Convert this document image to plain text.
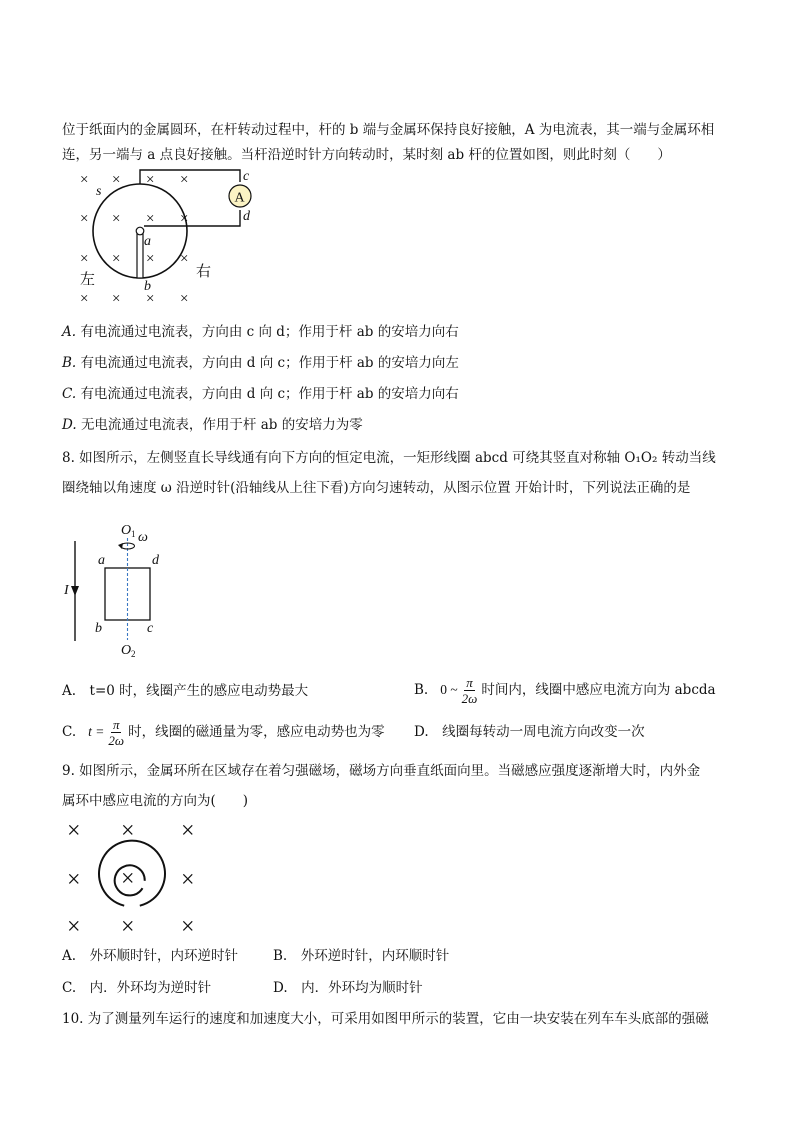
位于纸面内的金属圆环，在杆转动过程中，杆的 b 端与金属环保持良好接触，A 为电流表，其一端与金属环相
连，另一端与 a 点良好接触。当杆沿逆时针方向转动时，某时刻 ab 杆的位置如图，则此时刻（　　）
× × × ×
× × × ×
× × × ×
× × × ×
A
s
c
d
a
b
左	右
A. 有电流通过电流表，方向由 c 向 d；作用于杆 ab 的安培力向右
B. 有电流通过电流表，方向由 d 向 c；作用于杆 ab 的安培力向左
C. 有电流通过电流表，方向由 d 向 c；作用于杆 ab 的安培力向右
D. 无电流通过电流表，作用于杆 ab 的安培力为零
8. 如图所示，左侧竖直长导线通有向下方向的恒定电流，一矩形线圈 abcd 可绕其竖直对称轴 O₁O₂ 转动当线
圈绕轴以角速度 ω 沿逆时针(沿轴线从上往下看)方向匀速转动，从图示位置 开始计时，下列说法正确的是
I
O 1 ω
a	d
b	c
O 2
A.　t=0 时，线圈产生的感应电动势最大	B. 0 ~ $\frac{\pi}{2\omega}$ 时间内，线圈中感应电流方向为 abcda
C. $t = \frac{\pi}{2\omega}$ 时，线圈的磁通量为零，感应电动势也为零 D.　线圈每转动一周电流方向改变一次
9. 如图所示，金属环所在区域存在着匀强磁场，磁场方向垂直纸面向里。当磁感应强度逐渐增大时，内外金
属环中感应电流的方向为(　　)
× × ×
×	×
× × ×
×
A.　外环顺时针，内环逆时针	B.　外环逆时针，内环顺时针
C.　内．外环均为逆时针	D.　内．外环均为顺时针
10. 为了测量列车运行的速度和加速度大小，可采用如图甲所示的装置，它由一块安装在列车车头底部的强磁
